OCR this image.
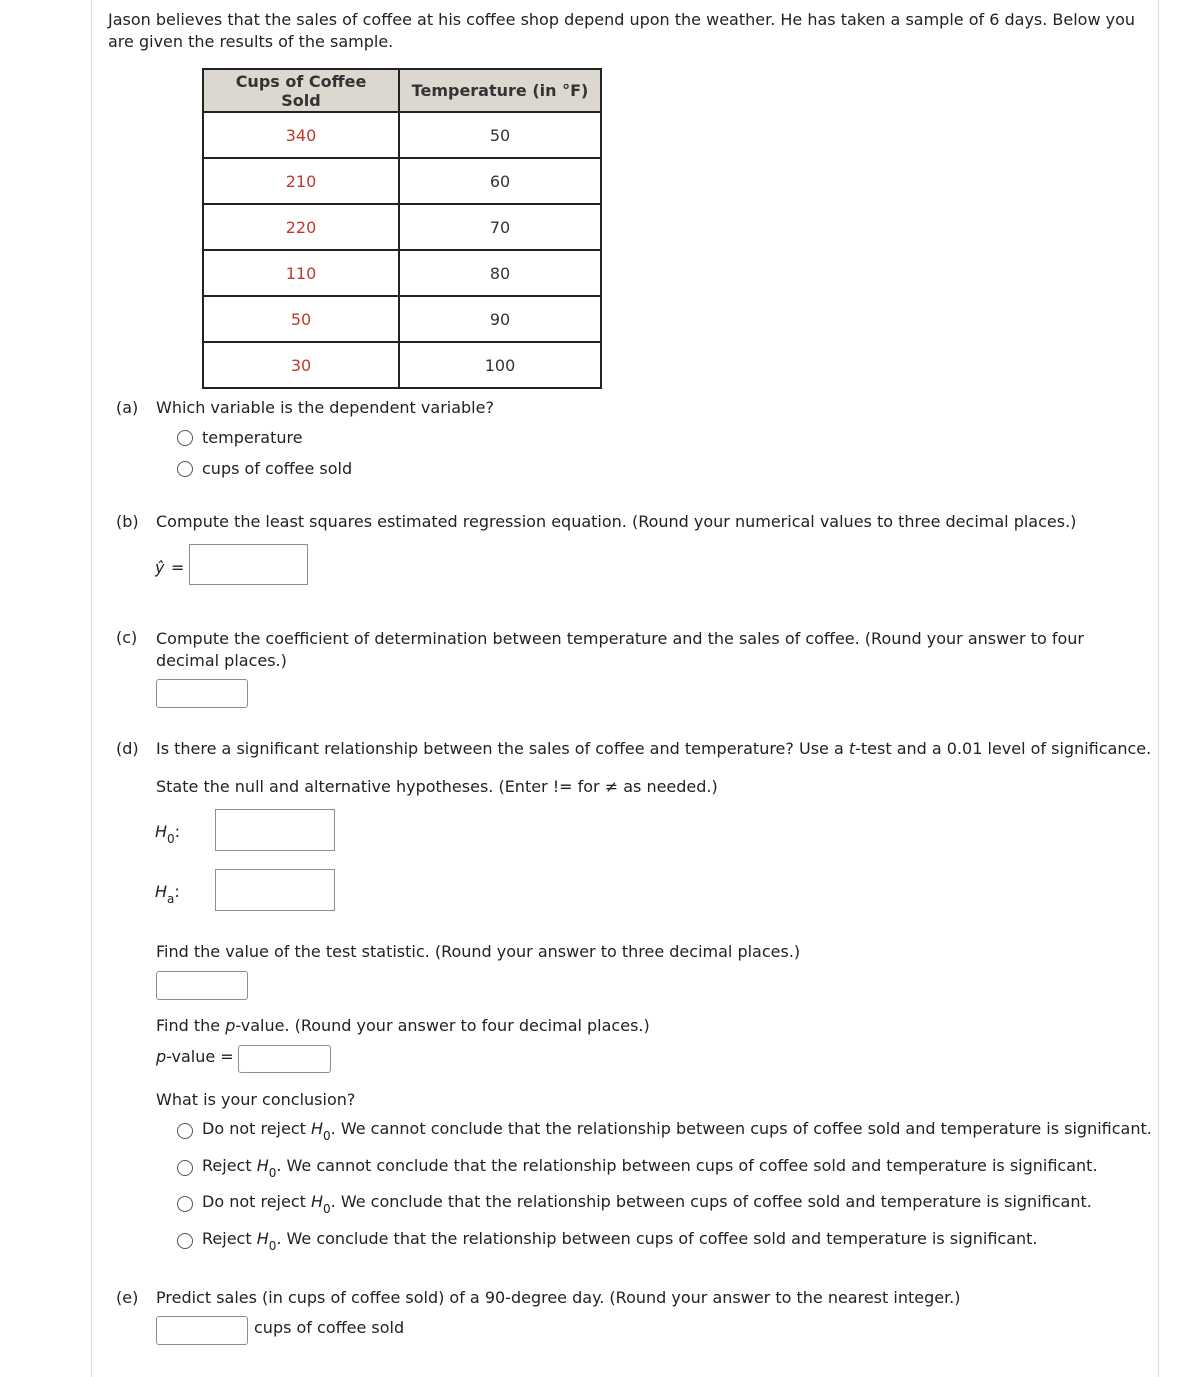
Jason believes that the sales of coffee at his coffee shop depend upon the weather. He has taken a sample of 6 days. Below you are given the results of the sample.
Cups of Coffee Sold	Temperature (in °F)
340	50
210	60
220	70
110	80
50	90
30	100
(a) Which variable is the dependent variable?
temperature
cups of coffee sold
(b) Compute the least squares estimated regression equation. (Round your numerical values to three decimal places.)
ŷ =
(c) Compute the coefficient of determination between temperature and the sales of coffee. (Round your answer to four decimal places.)
(d) Is there a significant relationship between the sales of coffee and temperature? Use a t-test and a 0.01 level of significance.
State the null and alternative hypotheses. (Enter != for ≠ as needed.)
$H_0$:
$H_a$:
Find the value of the test statistic. (Round your answer to three decimal places.)
Find the p-value. (Round your answer to four decimal places.)
p-value =
What is your conclusion?
Do not reject $H_0$. We cannot conclude that the relationship between cups of coffee sold and temperature is significant.
Reject $H_0$. We cannot conclude that the relationship between cups of coffee sold and temperature is significant.
Do not reject $H_0$. We conclude that the relationship between cups of coffee sold and temperature is significant.
Reject $H_0$. We conclude that the relationship between cups of coffee sold and temperature is significant.
(e) Predict sales (in cups of coffee sold) of a 90-degree day. (Round your answer to the nearest integer.)
cups of coffee sold
